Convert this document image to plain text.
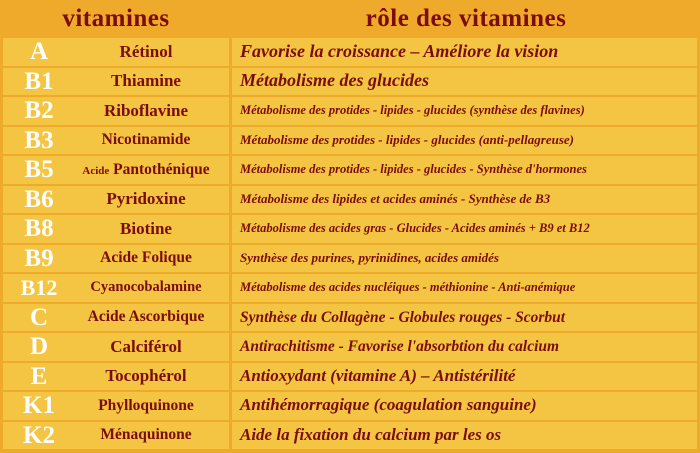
vitamines	rôle des vitamines
A	Rétinol	Favorise la croissance – Améliore la vision
B1	Thiamine	Métabolisme des glucides
B2	Riboflavine	Métabolisme des protides - lipides - glucides (synthèse des flavines)
B3	Nicotinamide	Métabolisme des protides - lipides - glucides (anti-pellagreuse)
B5	Acide Pantothénique	Métabolisme des protides - lipides - glucides - Synthèse d'hormones
B6	Pyridoxine	Métabolisme des lipides et acides aminés - Synthèse de B3
B8	Biotine	Métabolisme des acides gras - Glucides - Acides aminés + B9 et B12
B9	Acide Folique	Synthèse des purines, pyrinidines, acides amidés
B12	Cyanocobalamine	Métabolisme des acides nucléiques - méthionine - Anti-anémique
C	Acide Ascorbique	Synthèse du Collagène - Globules rouges - Scorbut
D	Calciférol	Antirachitisme - Favorise l'absorbtion du calcium
E	Tocophérol	Antioxydant (vitamine A) – Antistérilité
K1	Phylloquinone	Antihémorragique (coagulation sanguine)
K2	Ménaquinone	Aide la fixation du calcium par les os
